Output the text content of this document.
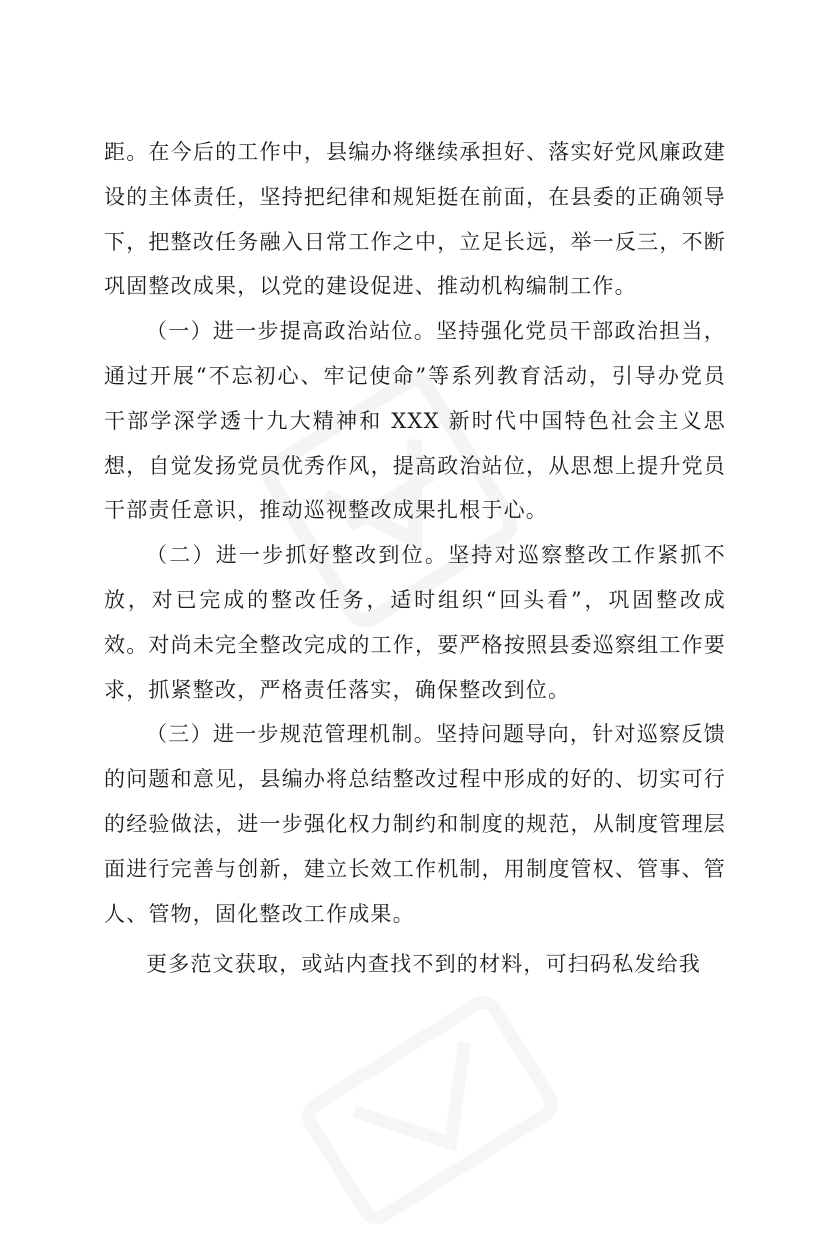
距。在今后的工作中，县编办将继续承担好、落实好党风廉政建设的主体责任，坚持把纪律和规矩挺在前面，在县委的正确领导下，把整改任务融入日常工作之中，立足长远，举一反三，不断巩固整改成果，以党的建设促进、推动机构编制工作。

（一）进一步提高政治站位。坚持强化党员干部政治担当，通过开展“不忘初心、牢记使命”等系列教育活动，引导办党员干部学深学透十九大精神和 XXX 新时代中国特色社会主义思想，自觉发扬党员优秀作风，提高政治站位，从思想上提升党员干部责任意识，推动巡视整改成果扎根于心。

（二）进一步抓好整改到位。坚持对巡察整改工作紧抓不放，对已完成的整改任务，适时组织“回头看”，巩固整改成效。对尚未完全整改完成的工作，要严格按照县委巡察组工作要求，抓紧整改，严格责任落实，确保整改到位。

（三）进一步规范管理机制。坚持问题导向，针对巡察反馈的问题和意见，县编办将总结整改过程中形成的好的、切实可行的经验做法，进一步强化权力制约和制度的规范，从制度管理层面进行完善与创新，建立长效工作机制，用制度管权、管事、管人、管物，固化整改工作成果。

更多范文获取，或站内查找不到的材料，可扫码私发给我
